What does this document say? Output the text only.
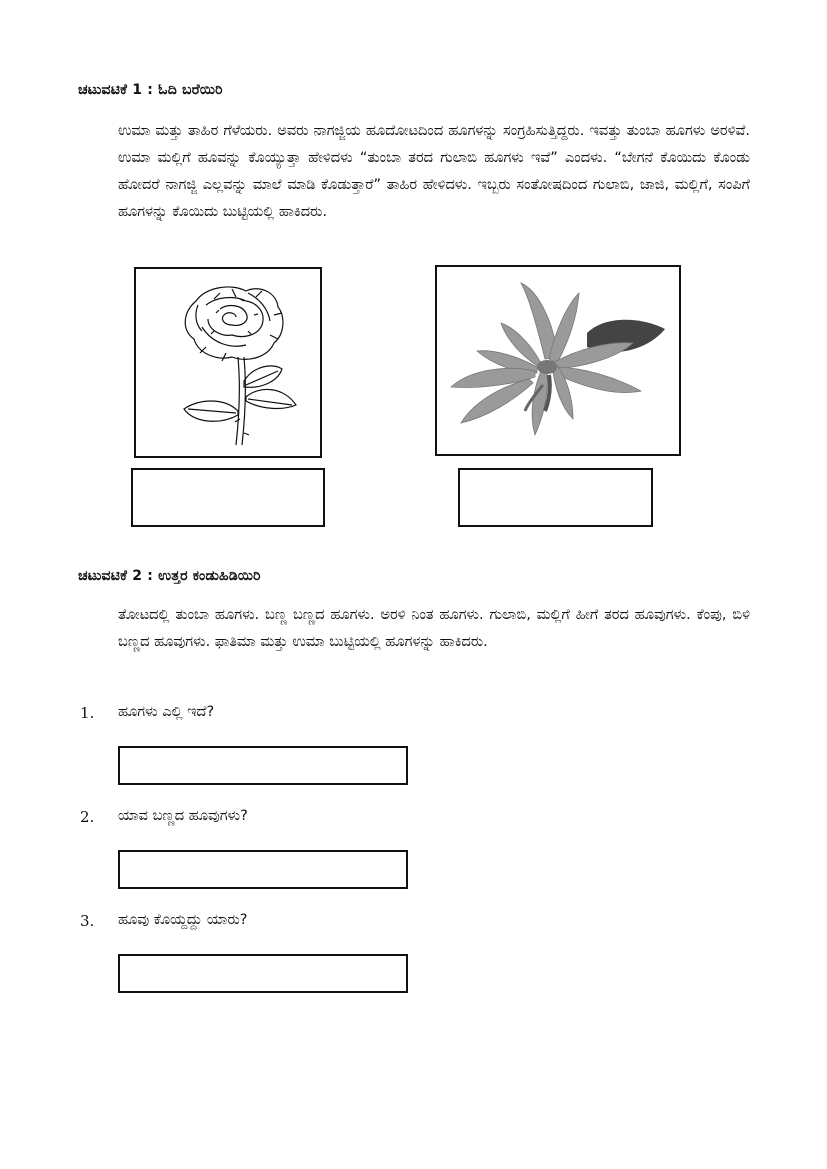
ಚಟುವಟಿಕೆ 1 : ಓದಿ ಬರೆಯಿರಿ

ಉಮಾ ಮತ್ತು ತಾಹಿರ ಗೆಳೆಯರು. ಅವರು ನಾಗಜ್ಜಿಯ ಹೂದೋಟದಿಂದ ಹೂಗಳನ್ನು ಸಂಗ್ರಹಿಸುತ್ತಿದ್ದರು. ಇವತ್ತು ತುಂಬಾ ಹೂಗಳು ಅರಳಿವೆ. ಉಮಾ ಮಲ್ಲಿಗೆ ಹೂವನ್ನು ಕೊಯ್ಯುತ್ತಾ ಹೇಳಿದಳು “ತುಂಬಾ ತರದ ಗುಲಾಬಿ ಹೂಗಳು ಇವೆ” ಎಂದಳು. “ಬೇಗನೆ ಕೊಯಿದು ಕೊಂಡು ಹೋದರೆ ನಾಗಜ್ಜಿ ಎಲ್ಲವನ್ನು ಮಾಲೆ ಮಾಡಿ ಕೊಡುತ್ತಾರೆ” ತಾಹಿರ ಹೇಳಿದಳು. ಇಬ್ಬರು ಸಂತೋಷದಿಂದ ಗುಲಾಬಿ, ಜಾಜಿ, ಮಲ್ಲಿಗೆ, ಸಂಪಿಗೆ ಹೂಗಳನ್ನು ಕೊಯಿದು ಬುಟ್ಟಿಯಲ್ಲಿ ಹಾಕಿದರು.

ಚಟುವಟಿಕೆ 2 : ಉತ್ತರ ಕಂಡುಹಿಡಿಯಿರಿ

ತೋಟದಲ್ಲಿ ತುಂಬಾ ಹೂಗಳು. ಬಣ್ಣ ಬಣ್ಣದ ಹೂಗಳು. ಅರಳಿ ನಿಂತ ಹೂಗಳು. ಗುಲಾಬಿ, ಮಲ್ಲಿಗೆ ಹೀಗೆ ತರದ ಹೂವುಗಳು. ಕೆಂಪು, ಬಿಳಿ ಬಣ್ಣದ ಹೂವುಗಳು. ಫಾತಿಮಾ ಮತ್ತು ಉಮಾ ಬುಟ್ಟಿಯಲ್ಲಿ ಹೂಗಳನ್ನು ಹಾಕಿದರು.

1. ಹೂಗಳು ಎಲ್ಲಿ ಇದೆ?
2. ಯಾವ ಬಣ್ಣದ ಹೂವುಗಳು?
3. ಹೂವು ಕೊಯ್ದದ್ದು ಯಾರು?
